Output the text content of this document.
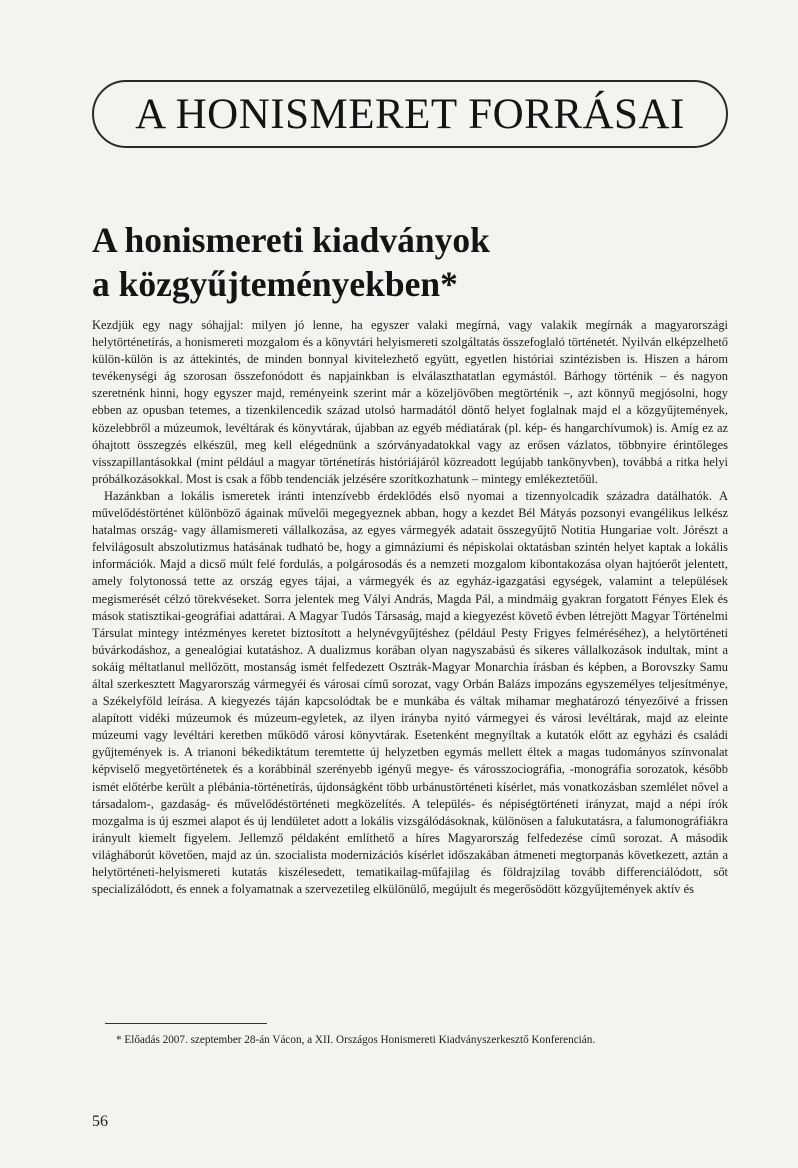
A HONISMERET FORRÁSAI
A honismereti kiadványok
a közgyűjteményekben*

Kezdjük egy nagy sóhajjal: milyen jó lenne, ha egyszer valaki megírná, vagy valakik megírnák a magyarországi helytörténetírás, a honismereti mozgalom és a könyvtári helyismereti szolgáltatás összefoglaló történetét. Nyilván elképzelhető külön-külön is az áttekintés, de minden bonnyal kivitelezhető együtt, egyetlen históriai szintézisben is. Hiszen a három tevékenységi ág szorosan összefonódott és napjainkban is elválaszthatatlan egymástól. Bárhogy történik – és nagyon szeretnénk hinni, hogy egyszer majd, reményeink szerint már a közeljövőben megtörténik –, azt könnyű megjósolni, hogy ebben az opusban tetemes, a tizenkilencedik század utolsó harmadától döntő helyet foglalnak majd el a közgyűjtemények, közelebbről a múzeumok, levéltárak és könyvtárak, újabban az egyéb médiatárak (pl. kép- és hangarchívumok) is. Amíg ez az óhajtott összegzés elkészül, meg kell elégednünk a szórványadatokkal vagy az erősen vázlatos, többnyire érintőleges visszapillantásokkal (mint például a magyar történetírás históriájáról közreadott legújabb tankönyvben), továbbá a ritka helyi próbálkozásokkal. Most is csak a főbb tendenciák jelzésére szorítkozhatunk – mintegy emlékeztetőül.

Hazánkban a lokális ismeretek iránti intenzívebb érdeklődés első nyomai a tizennyolcadik századra datálhatók. A művelődéstörténet különböző ágainak művelői megegyeznek abban, hogy a kezdet Bél Mátyás pozsonyi evangélikus lelkész hatalmas ország- vagy államismereti vállalkozása, az egyes vármegyék adatait összegyűjtő Notitia Hungariae volt. Jórészt a felvilágosult abszolutizmus hatásának tudható be, hogy a gimnáziumi és népiskolai oktatásban szintén helyet kaptak a lokális információk. Majd a dicső múlt felé fordulás, a polgárosodás és a nemzeti mozgalom kibontakozása olyan hajtóerőt jelentett, amely folytonossá tette az ország egyes tájai, a vármegyék és az egyház-igazgatási egységek, valamint a települések megismerését célzó törekvéseket. Sorra jelentek meg Vályi András, Magda Pál, a mindmáig gyakran forgatott Fényes Elek és mások statisztikai-geográfiai adattárai. A Magyar Tudós Társaság, majd a kiegyezést követő évben létrejött Magyar Történelmi Társulat mintegy intézményes keretet biztosított a helynévgyűjtéshez (például Pesty Frigyes felméréséhez), a helytörténeti búvárkodáshoz, a genealógiai kutatáshoz. A dualizmus korában olyan nagyszabású és sikeres vállalkozások indultak, mint a sokáig méltatlanul mellőzött, mostanság ismét felfedezett Osztrák-Magyar Monarchia írásban és képben, a Borovszky Samu által szerkesztett Magyarország vármegyéi és városai című sorozat, vagy Orbán Balázs impozáns egyszemélyes teljesítménye, a Székelyföld leírása. A kiegyezés táján kapcsolódtak be e munkába és váltak mihamar meghatározó tényezőivé a frissen alapított vidéki múzeumok és múzeum-egyletek, az ilyen irányba nyitó vármegyei és városi levéltárak, majd az eleinte múzeumi vagy levéltári keretben működő városi könyvtárak. Esetenként megnyíltak a kutatók előtt az egyházi és családi gyűjtemények is. A trianoni békediktátum teremtette új helyzetben egymás mellett éltek a magas tudományos színvonalat képviselő megyetörténetek és a korábbinál szerényebb igényű megye- és városszociográfia, -monográfia sorozatok, később ismét előtérbe került a plébánia-történetírás, újdonságként több urbánustörténeti kísérlet, más vonatkozásban szemlélet nővel a társadalom-, gazdaság- és művelődéstörténeti megközelítés. A település- és népiségtörténeti irányzat, majd a népi írók mozgalma is új eszmei alapot és új lendületet adott a lokális vizsgálódásoknak, különösen a falukutatásra, a falumonográfiákra irányult kiemelt figyelem. Jellemző példaként említhető a híres Magyarország felfedezése című sorozat. A második világháborút követően, majd az ún. szocialista modernizációs kísérlet időszakában átmeneti megtorpanás következett, aztán a helytörténeti-helyismereti kutatás kiszélesedett, tematikailag-műfajilag és földrajzilag tovább differenciálódott, sőt specializálódott, és ennek a folyamatnak a szervezetileg elkülönülő, megújult és megerősödött közgyűjtemények aktív és

* Előadás 2007. szeptember 28-án Vácon, a XII. Országos Honismereti Kiadványszerkesztő Konferencián.
56
